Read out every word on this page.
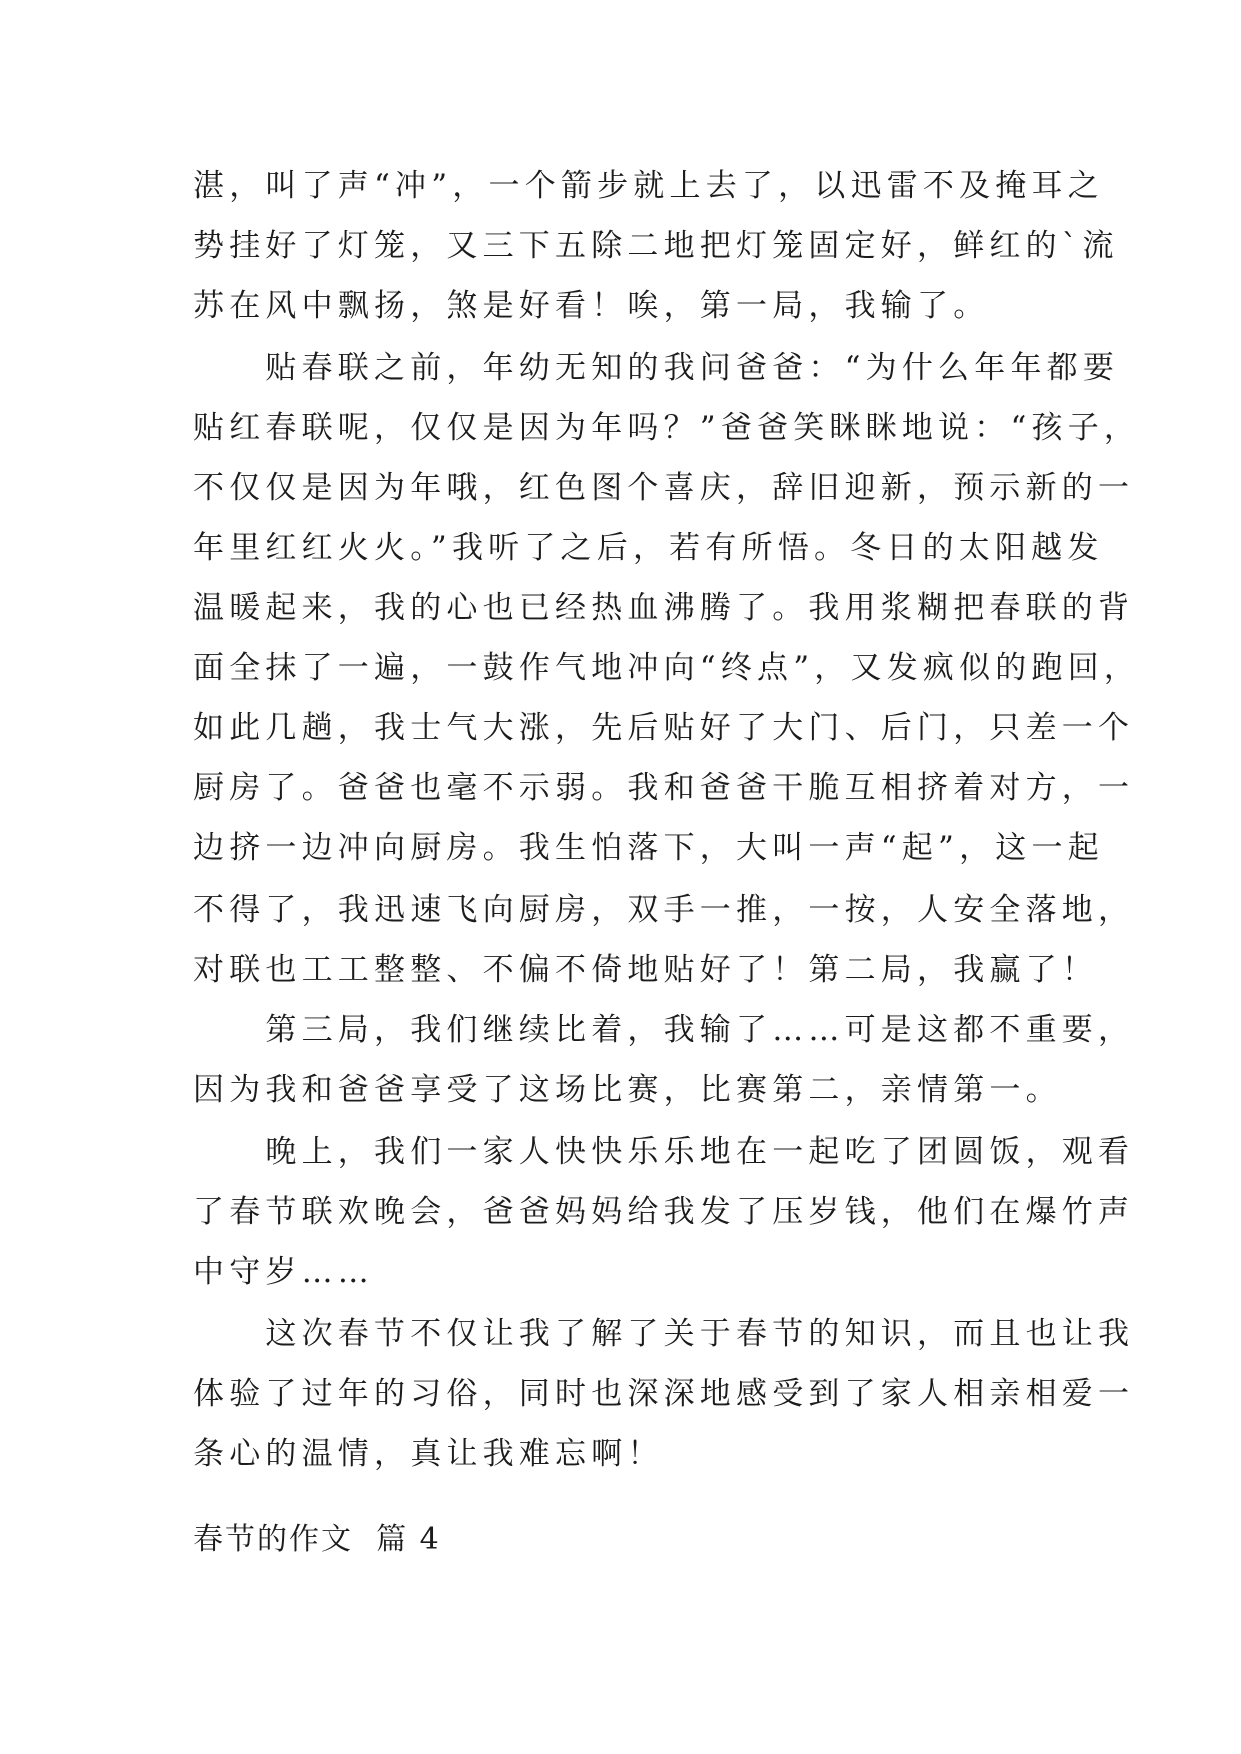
湛，叫了声“冲”，一个箭步就上去了，以迅雷不及掩耳之
势挂好了灯笼，又三下五除二地把灯笼固定好，鲜红的`流
苏在风中飘扬，煞是好看！唉，第一局，我输了。
　　贴春联之前，年幼无知的我问爸爸：“为什么年年都要
贴红春联呢，仅仅是因为年吗？”爸爸笑眯眯地说：“孩子，
不仅仅是因为年哦，红色图个喜庆，辞旧迎新，预示新的一
年里红红火火。”我听了之后，若有所悟。冬日的太阳越发
温暖起来，我的心也已经热血沸腾了。我用浆糊把春联的背
面全抹了一遍，一鼓作气地冲向“终点”，又发疯似的跑回，
如此几趟，我士气大涨，先后贴好了大门、后门，只差一个
厨房了。爸爸也毫不示弱。我和爸爸干脆互相挤着对方，一
边挤一边冲向厨房。我生怕落下，大叫一声“起”，这一起
不得了，我迅速飞向厨房，双手一推，一按，人安全落地，
对联也工工整整、不偏不倚地贴好了！第二局，我赢了！
　　第三局，我们继续比着，我输了……可是这都不重要，
因为我和爸爸享受了这场比赛，比赛第二，亲情第一。
　　晚上，我们一家人快快乐乐地在一起吃了团圆饭，观看
了春节联欢晚会，爸爸妈妈给我发了压岁钱，他们在爆竹声
中守岁……
　　这次春节不仅让我了解了关于春节的知识，而且也让我
体验了过年的习俗，同时也深深地感受到了家人相亲相爱一
条心的温情，真让我难忘啊！
春节的作文  篇 4
